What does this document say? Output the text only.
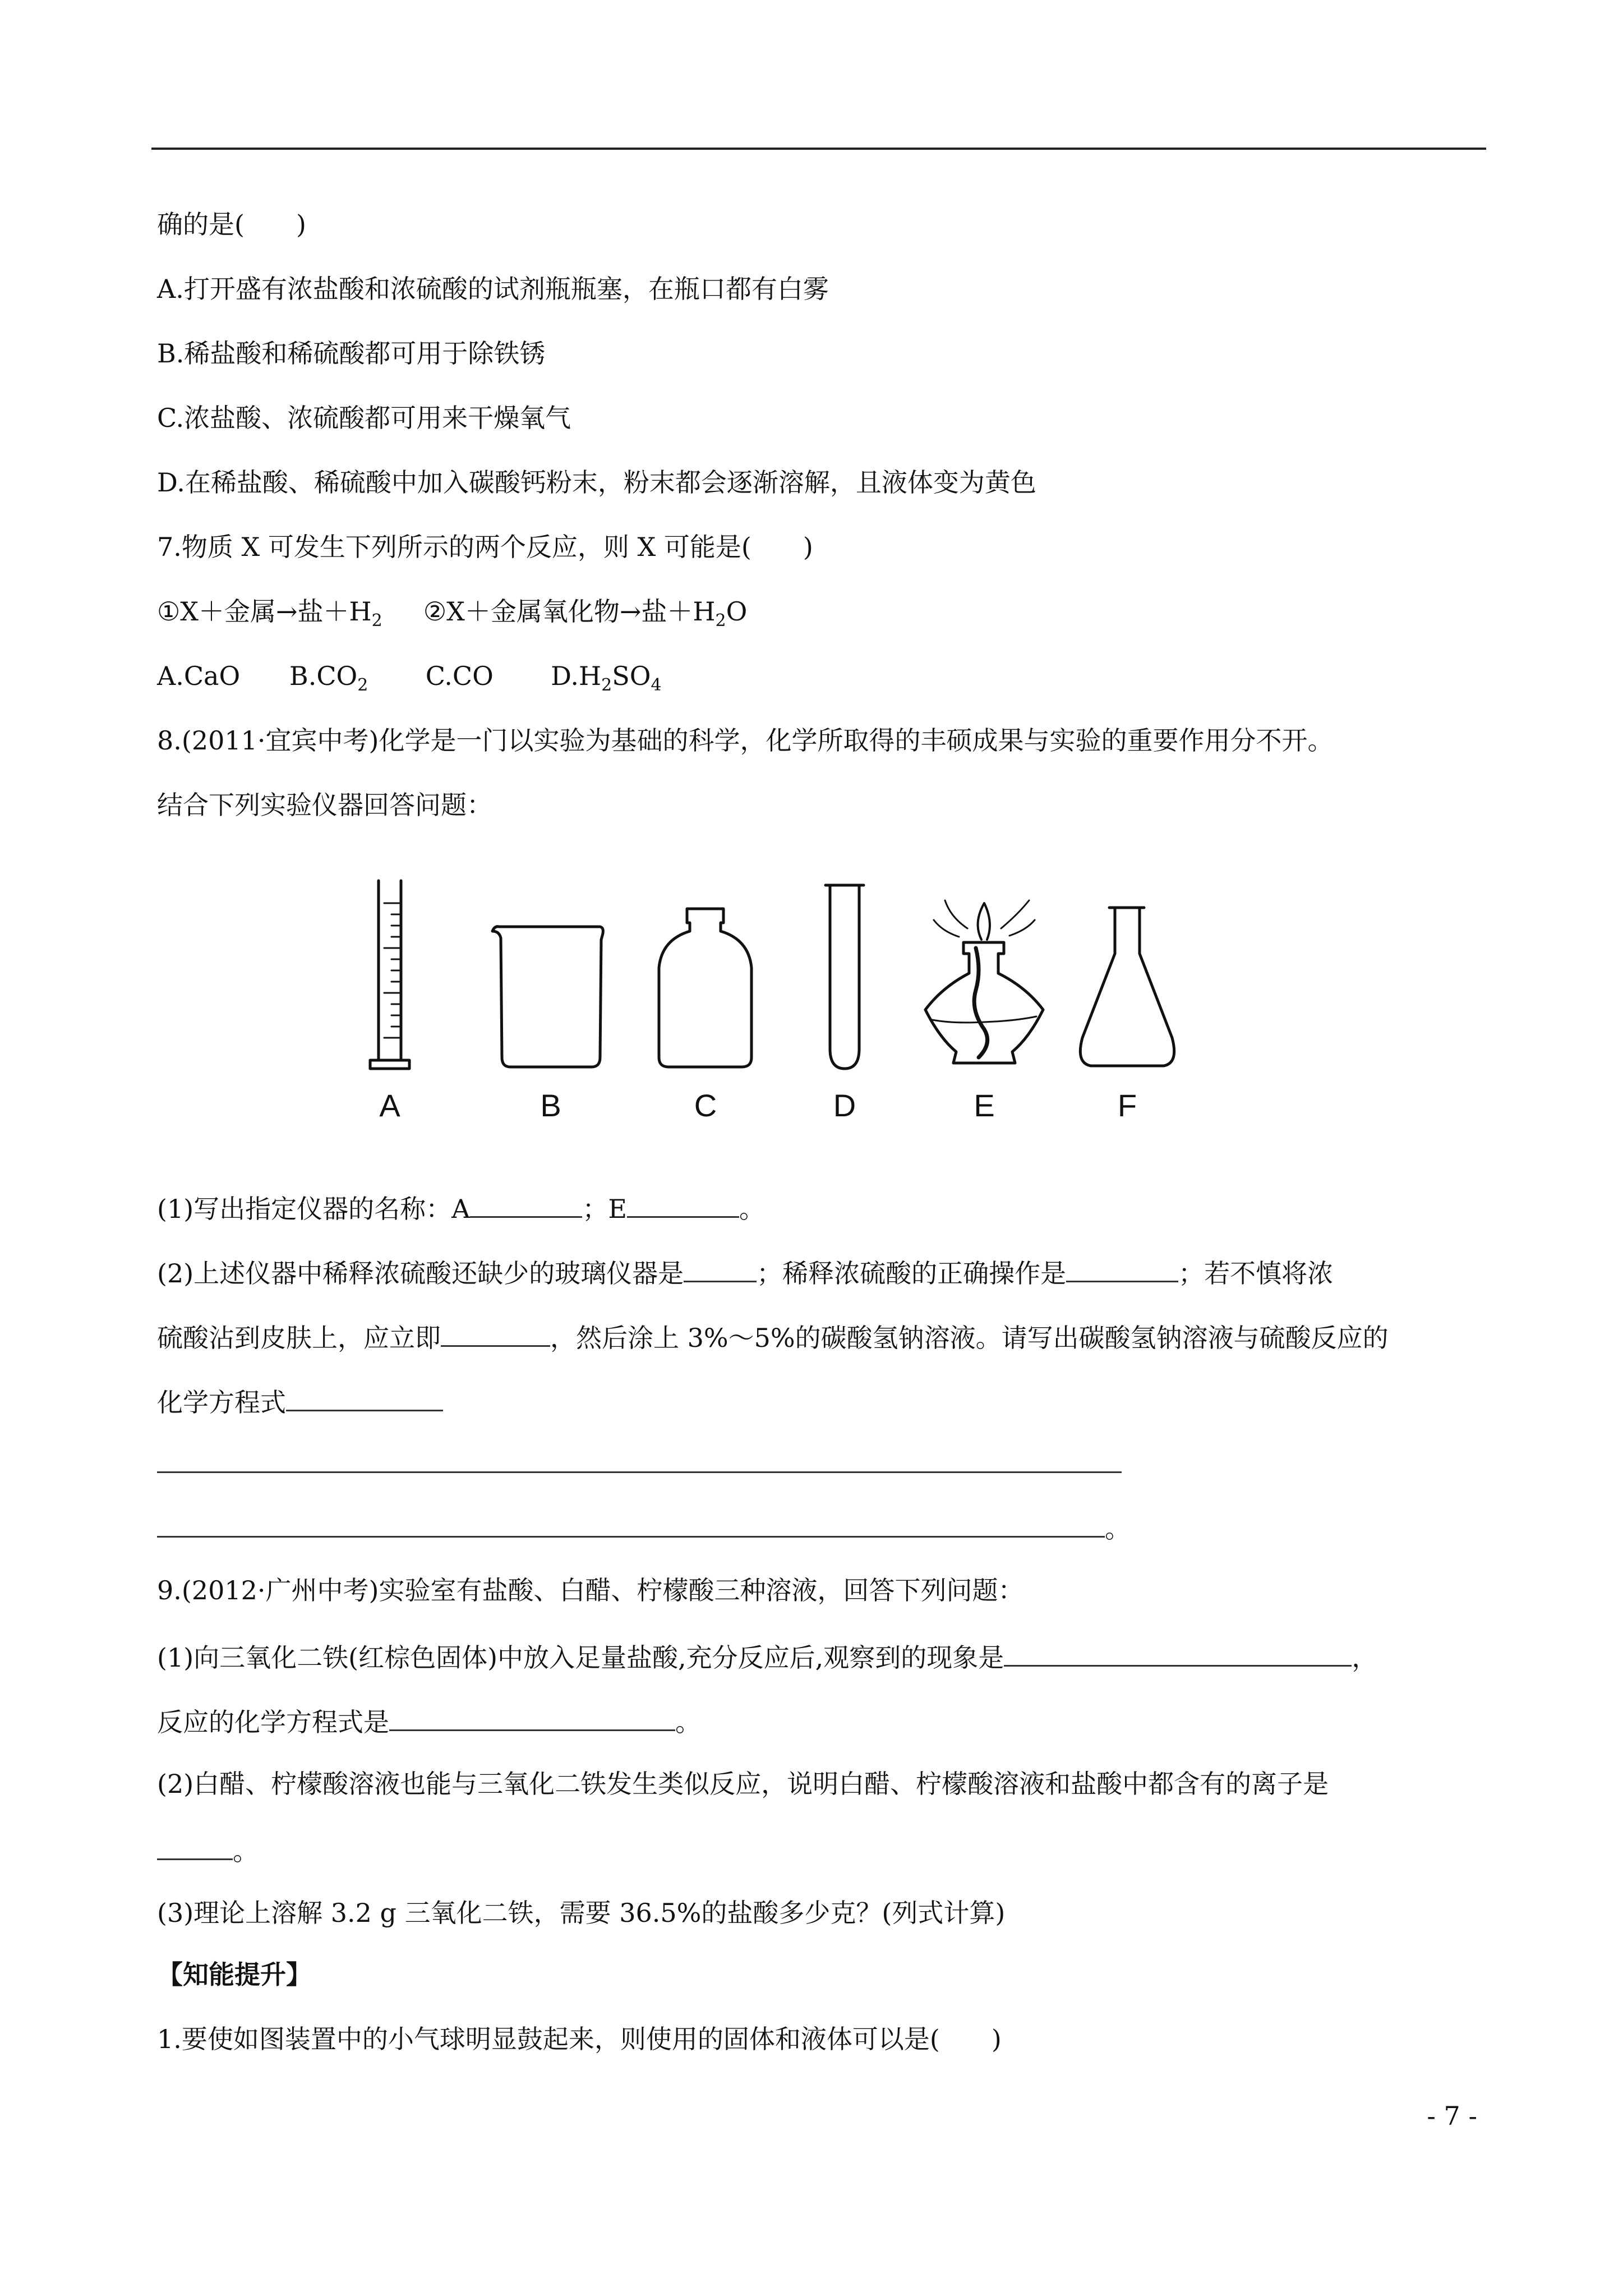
确的是(　　)
A.打开盛有浓盐酸和浓硫酸的试剂瓶瓶塞，在瓶口都有白雾
B.稀盐酸和稀硫酸都可用于除铁锈
C.浓盐酸、浓硫酸都可用来干燥氧气
D.在稀盐酸、稀硫酸中加入碳酸钙粉末，粉末都会逐渐溶解，且液体变为黄色
7.物质 X 可发生下列所示的两个反应，则 X 可能是(　　)
①X＋金属→盐$+H_2$ ②X＋金属氧化物→盐$+H_2O$
A.CaO $B.CO_2$ C.CO $D.H_2SO_4$
8.(2011·宜宾中考)化学是一门以实验为基础的科学，化学所取得的丰硕成果与实验的重要作用分不开。
结合下列实验仪器回答问题：
A	B	C	D	E	F
(1)写出指定仪器的名称：A	；E	。
(2)上述仪器中稀释浓硫酸还缺少的玻璃仪器是	；稀释浓硫酸的正确操作是	；若不慎将浓
硫酸沾到皮肤上，应立即	，然后涂上 3%～5%的碳酸氢钠溶液。请写出碳酸氢钠溶液与硫酸反应的
化学方程式
。
9.(2012·广州中考)实验室有盐酸、白醋、柠檬酸三种溶液，回答下列问题：
(1)向三氧化二铁(红棕色固体)中放入足量盐酸,充分反应后,观察到的现象是	，
反应的化学方程式是	。
(2)白醋、柠檬酸溶液也能与三氧化二铁发生类似反应，说明白醋、柠檬酸溶液和盐酸中都含有的离子是
。
(3)理论上溶解 3.2 g 三氧化二铁，需要 36.5%的盐酸多少克？(列式计算)
【知能提升】
1.要使如图装置中的小气球明显鼓起来，则使用的固体和液体可以是(　　)
- 7 -
